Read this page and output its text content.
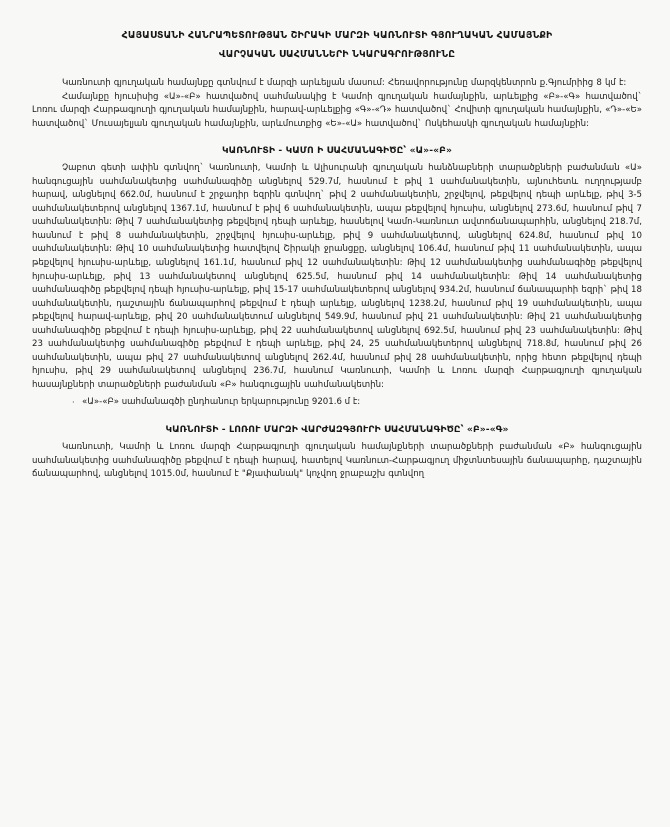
ՀԱՅԱՍՏԱՆԻ ՀԱՆՐԱՊԵՏՈՒԹՅԱՆ ՇԻՐԱԿԻ ՄԱՐԶԻ ԿԱՌՆՈՒՏԻ ԳՅՈՒՂԱԿԱՆ ՀԱՄԱՅՆՔԻ
ՎԱՐՉԱԿԱՆ ՍԱՀՄԱՆՆԵՐԻ ՆԿԱՐԱԳՐՈՒԹՅՈՒՆԸ

Կառնուտի գյուղական համայնքը գտնվում է մարզի արևելյան մասում: Հեռավորությունը մարզկենտրոն ք.Գյումրիից 8 կմ է:

Համայնքը հյուսիսից «Ա»-«Բ» հատվածով սահմանակից է Կամոի գյուղական համայնքին, արևելքից «Բ»-«Գ» հատվածով` Լոռու մարզի Հարթագյուղի գյուղական համայնքին, հարավ-արևելքից «Գ»-«Դ» հատվածով` Հովիտի գյուղական համայնքին, «Դ»-«Ե» հատվածով` Մուսայելյան գյուղական համայնքին, արևմուտքից «Ե»-«Ա» հատվածով` Ոսկեհասկի գյուղական համայնքին:

ԿԱՌՆՈՒՏԻ - ԿԱՄՈ Ի ՍԱՀՄԱՆԱԳԻԾԸ՝ «Ա»-«Բ»

Չաբոտ գետի ափին գտնվող` Կառնուտի, Կամոի և Ալիսուրանի գյուղական հանձնաբների տարածքների բաժանման «Ա» հանգուցային սահմանակետից սահմանագիծը անցնելով 529.7մ, հասնում է թիվ 1 սահմանակետին, այնուհետև ուղղությամբ հարավ, անցնելով 662.0մ, հասնում է շրջադիր եզրին գտնվող` թիվ 2 սահմանակետին, շրջվելով, թեքվելով դեպի արևելք, թիվ 3-5 սահմանակետերով անցնելով 1367.1մ, հասնում է թիվ 6 սահմանակետին, ապա թեքվելով հյուսիս, անցնելով 273.6մ, հասնում թիվ 7 սահմանակետին: Թիվ 7 սահմանակետից թեքվելով դեպի արևելք, հասնելով Կամո-Կառնուտ ավտոճանապարհին, անցնելով 218.7մ, հասնում է թիվ 8 սահմանակետին, շրջվելով հյուսիս-արևելք, թիվ 9 սահմանակետով, անցնելով 624.8մ, հասնում թիվ 10 սահմանակետին: Թիվ 10 սահմանակետից հատվելով Շիրակի ջրանցքը, անցնելով 106.4մ, հասնում թիվ 11 սահմանակետին, ապա թեքվելով հյուսիս-արևելք, անցնելով 161.1մ, հասնում թիվ 12 սահմանակետին: Թիվ 12 սահմանակետից սահմանագիծը թեքվելով հյուսիս-արևելք, թիվ 13 սահմանակետով անցնելով 625.5մ, հասնում թիվ 14 սահմանակետին: Թիվ 14 սահմանակետից սահմանագիծը թեքվելով դեպի հյուսիս-արևելք, թիվ 15-17 սահմանակետերով անցնելով 934.2մ, հասնում ճանապարհի եզրի` թիվ 18 սահմանակետին, դաշտային ճանապարհով թեքվում է դեպի արևելք, անցնելով 1238.2մ, հասնում թիվ 19 սահմանակետին, ապա թեքվելով հարավ-արևելք, թիվ 20 սահմանակետում անցնելով 549.9մ, հասնում թիվ 21 սահմանակետին: Թիվ 21 սահմանակետից սահմանագիծը թեքվում է դեպի հյուսիս-արևելք, թիվ 22 սահմանակետով անցնելով 692.5մ, հասնում թիվ 23 սահմանակետին: Թիվ 23 սահմանակետից սահմանագիծը թեքվում է դեպի արևելք, թիվ 24, 25 սահմանակետերով անցնելով 718.8մ, հասնում թիվ 26 սահմանակետին, ապա թիվ 27 սահմանակետով անցնելով 262.4մ, հասնում թիվ 28 սահմանակետին, որից հետո թեքվելով դեպի հյուսիս, թիվ 29 սահմանակետով անցնելով 236.7մ, հասնում Կառնուտի, Կամոի և Լոռու մարզի Հարթագյուղի գյուղական հասայնքների տարածքների բաժանման «Բ» հանգուցային սահմանակետին:

· «Ա»-«Բ» սահմանագծի ընդհանուր երկարությունը 9201.6 մ է:
ԿԱՌՆՈՒՏԻ - ԼՈՌՈՒ ՄԱՐԶԻ ՎԱՐԺԱԶԳՅՈՒՐԻ ՍԱՀՄԱՆԱԳԻԾԸ՝ «Բ»-«Գ»

Կառնուտի, Կամոի և Լոռու մարզի Հարթագյուղի գյուղական համայնքների տարածքների բաժանման «Բ» հանգուցային սահմանակետից սահմանագիծը թեքվում է դեպի հարավ, հատելով Կառնուտ-Հարթագյուղ միջտնտեսային ճանապարհը, դաշտային ճանապարհով, անցնելով 1015.0մ, հասնում է "Քյափանակ" կոչվող ջրաբաշխ գտնվող
